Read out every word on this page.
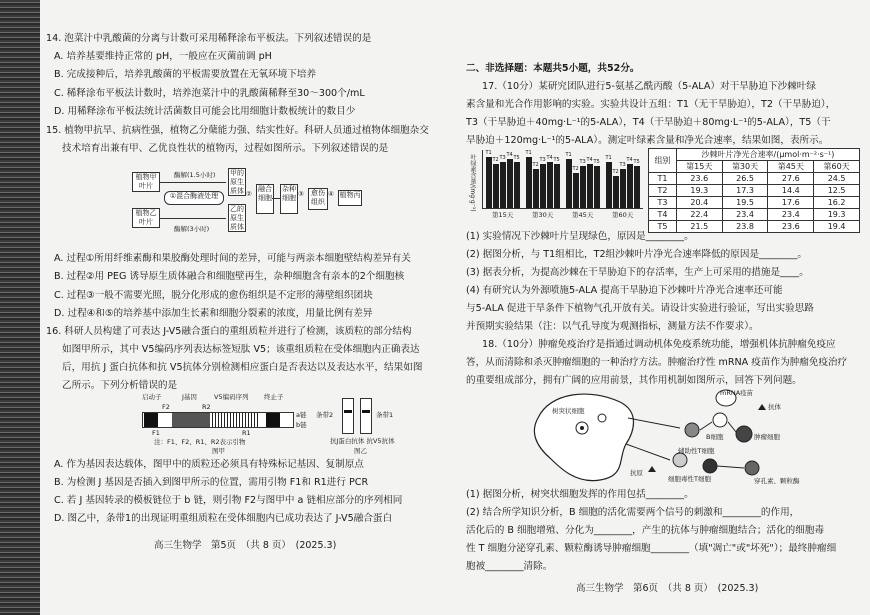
14. 泡菜汁中乳酸菌的分离与计数可采用稀释涂布平板法。下列叙述错误的是
A. 培养基要维持正常的 pH，一般应在灭菌前调 pH
B. 完成接种后，培养乳酸菌的平板需要放置在无氧环境下培养
C. 稀释涂布平板法计数时，培养泡菜汁中的乳酸菌稀释至30～300个/mL
D. 用稀释涂布平板法统计活菌数目可能会比用细胞计数板统计的数目少
15. 植物甲抗旱、抗病性强，植物乙分蘖能力强、结实性好。科研人员通过植物体细胞杂交
技术培育出兼有甲、乙优良性状的植物丙，过程如图所示。下列叙述错误的是
植物甲叶片
植物乙叶片
酶解(1.5小时)
①混合酶液处理
酶解(3小时)
甲的原生质体
乙的原生质体
②
融合细胞
杂种细胞 ③	愈伤组织
④ 植物丙
A. 过程①所用纤维素酶和果胶酶处理时间的差异，可能与两亲本细胞壁结构差异有关
B. 过程②用 PEG 诱导原生质体融合和细胞壁再生，杂种细胞含有亲本的2个细胞核
C. 过程③一般不需要光照，脱分化形成的愈伤组织是不定形的薄壁组织团块
D. 过程④和⑤的培养基中添加生长素和细胞分裂素的浓度，用量比例有差异
16. 科研人员构建了可表达 J-V5融合蛋白的重组质粒并进行了检测，该质粒的部分结构
如图甲所示，其中 V5编码序列表达标签短肽 V5；该重组质粒在受体细胞内正确表达
后，用抗 J 蛋白抗体和抗 V5抗体分别检测相应蛋白是否表达以及表达水平，结果如图
乙所示。下列分析错误的是
启动子	J基因	V5编码序列 终止子
F2	R2
a链
b链
F1	R1
注：F1、F2、R1、R2表示引物
图甲
条带2	条带1
抗J蛋白抗体 抗V5抗体
图乙
A. 作为基因表达载体，图甲中的质粒还必须具有特殊标记基因、复制原点
B. 为检测 J 基因是否插入到图甲所示的位置，需用引物 F1和 R1进行 PCR
C. 若 J 基因转录的模板链位于 b 链，则引物 F2与图甲中 a 链相应部分的序列相同
D. 图乙中，条带1的出现证明重组质粒在受体细胞内已成功表达了 J-V5融合蛋白
高三生物学　第5页　（共 8 页）　(2025.3)
二、非选择题：本题共5小题，共52分。
17.（10分）某研究团队进行5-氨基乙酰丙酸（5-ALA）对干旱胁迫下沙棘叶绿
素含量和光合作用影响的实验。实验共设计五组：T1（无干旱胁迫），T2（干旱胁迫），
T3（干旱胁迫＋40mg·L⁻¹的5-ALA），T4（干旱胁迫＋80mg·L⁻¹的5-ALA），T5（干
旱胁迫＋120mg·L⁻¹的5-ALA）。测定叶绿素含量和净光合速率，结果如图，表所示。
叶绿素含量/(mg·g⁻¹)
T1
T2 T3 T4 T5
T1
T2
T3 T4 T5
T1
T2
T3 T4 T5
T1
T2
T3
T4 T5
第15天	第30天	第45天	第60天
组别	沙棘叶片净光合速率/(μmol·m⁻²·s⁻¹)			
	第15天	第30天	第45天	第60天
T1	23.6	26.5	27.6	24.5
T2	19.3	17.3	14.4	12.5
T3	20.4	19.5	17.6	16.2
T4	22.4	23.4	23.4	19.3
T5	21.5	23.8	23.6	19.4
(1) 实验情况下沙棘叶片呈现绿色，原因是________。
(2) 据图分析，与 T1组相比，T2组沙棘叶片净光合速率降低的原因是________。
(3) 据表分析，为提高沙棘在干旱胁迫下的存活率，生产上可采用的措施是____。
(4) 有研究认为外源喷施5-ALA 提高干旱胁迫下沙棘叶片净光合速率还可能
与5-ALA 促进干旱条件下植物气孔开放有关。请设计实验进行验证，写出实验思路
并预期实验结果（注：以气孔导度为观测指标，测量方法不作要求）。
18.（10分）肿瘤免疫治疗是指通过调动机体免疫系统功能，增强机体抗肿瘤免疫应
答，从而清除和杀灭肿瘤细胞的一种治疗方法。肿瘤治疗性 mRNA 疫苗作为肿瘤免疫治疗
的重要组成部分，拥有广阔的应用前景，其作用机制如图所示，回答下列问题。
mRNA疫苗
树突状细胞	抗体
B细胞	肿瘤细胞
辅助性T细胞
抗原
细胞毒性T细胞	穿孔素、颗粒酶
(1) 据图分析，树突状细胞发挥的作用包括________。
(2) 结合所学知识分析，B 细胞的活化需要两个信号的刺激和________的作用，
活化后的 B 细胞增殖、分化为________，产生的抗体与肿瘤细胞结合；活化的细胞毒
性 T 细胞分泌穿孔素、颗粒酶诱导肿瘤细胞________（填"凋亡"或"坏死"）；最终肿瘤细
胞被________清除。
高三生物学　第6页　（共 8 页）　(2025.3)
